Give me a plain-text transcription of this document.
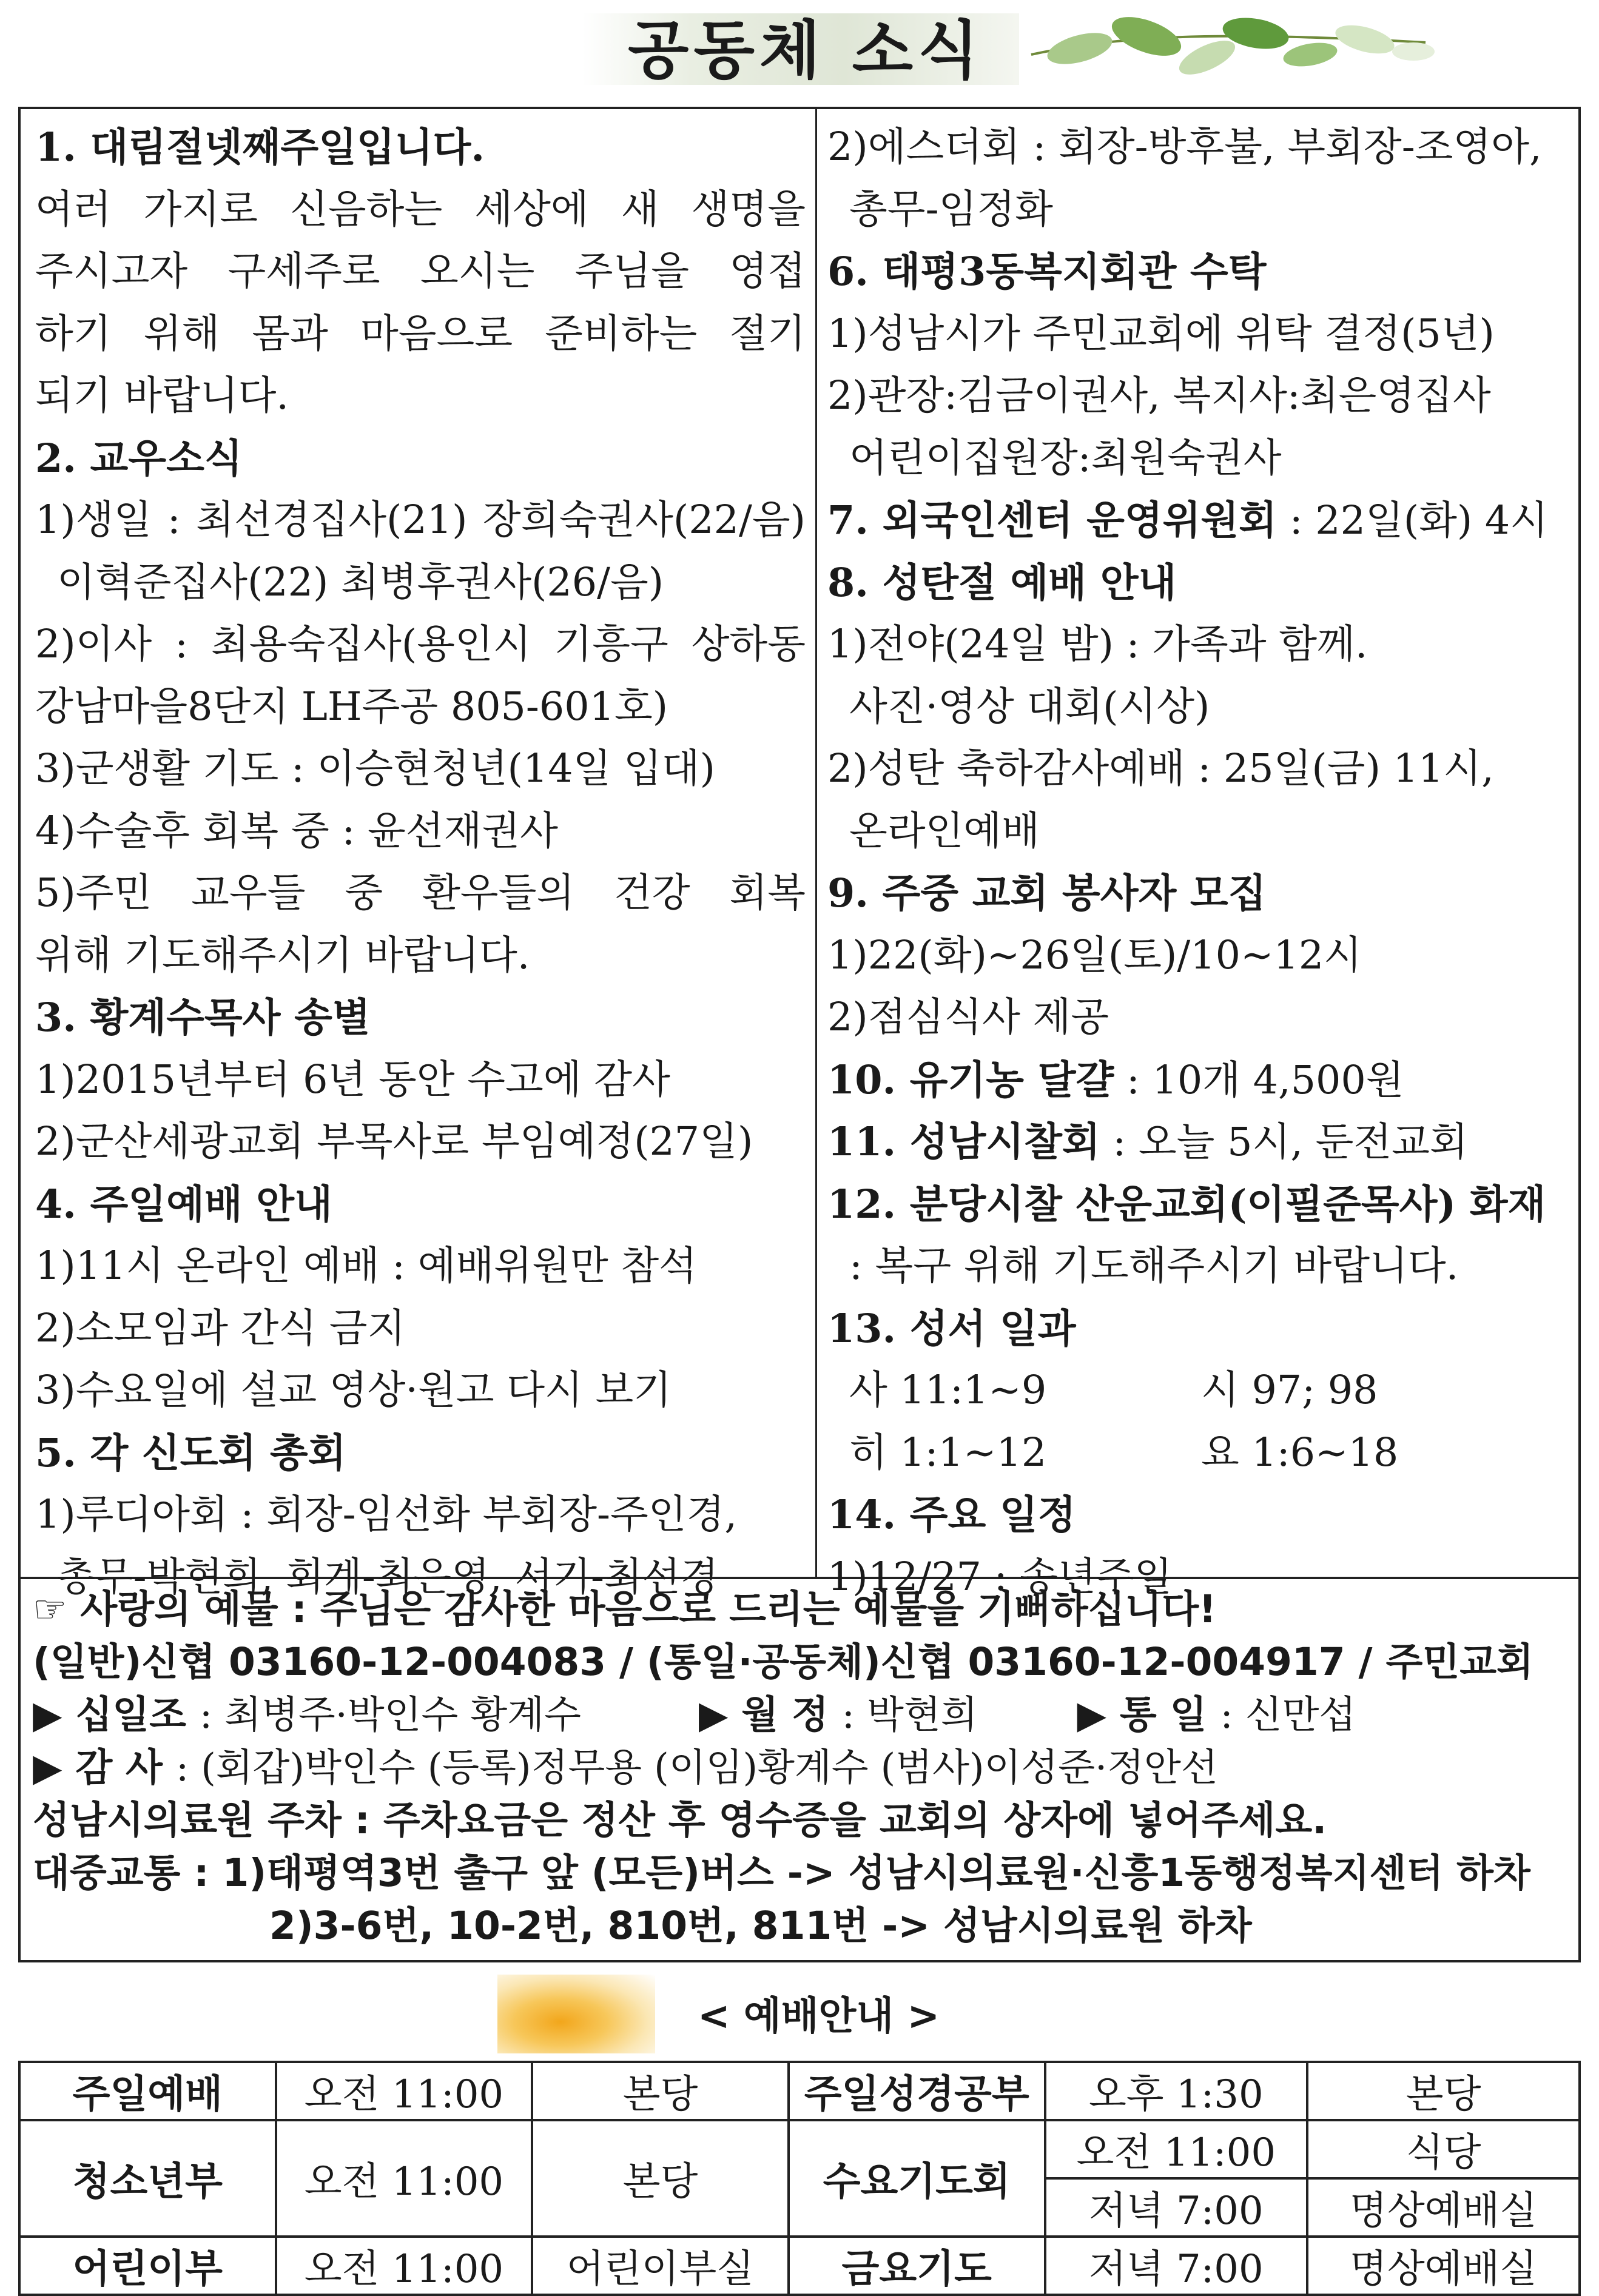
공동체 소식
1. 대림절넷째주일입니다.
여러 가지로 신음하는 세상에 새 생명을
주시고자 구세주로 오시는 주님을 영접
하기 위해 몸과 마음으로 준비하는 절기
되기 바랍니다.
2. 교우소식
1)생일 : 최선경집사(21) 장희숙권사(22/음)
이혁준집사(22) 최병후권사(26/음)
2)이사 : 최용숙집사(용인시 기흥구 상하동
강남마을8단지 LH주공 805-601호)
3)군생활 기도 : 이승현청년(14일 입대)
4)수술후 회복 중 : 윤선재권사
5)주민 교우들 중 환우들의 건강 회복
위해 기도해주시기 바랍니다.
3. 황계수목사 송별
1)2015년부터 6년 동안 수고에 감사
2)군산세광교회 부목사로 부임예정(27일)
4. 주일예배 안내
1)11시 온라인 예배 : 예배위원만 참석
2)소모임과 간식 금지
3)수요일에 설교 영상·원고 다시 보기
5. 각 신도회 총회
1)루디아회 : 회장-임선화 부회장-주인경,
총무-박현희, 회계-최은영, 서기-최선경
2)에스더회 : 회장-방후불, 부회장-조영아,
총무-임정화
6. 태평3동복지회관 수탁
1)성남시가 주민교회에 위탁 결정(5년)
2)관장:김금이권사, 복지사:최은영집사
어린이집원장:최원숙권사
7. 외국인센터 운영위원회 : 22일(화) 4시
8. 성탄절 예배 안내
1)전야(24일 밤) : 가족과 함께.
사진·영상 대회(시상)
2)성탄 축하감사예배 : 25일(금) 11시,
온라인예배
9. 주중 교회 봉사자 모집
1)22(화)~26일(토)/10~12시
2)점심식사 제공
10. 유기농 달걀 : 10개 4,500원
11. 성남시찰회 : 오늘 5시, 둔전교회
12. 분당시찰 산운교회(이필준목사) 화재
: 복구 위해 기도해주시기 바랍니다.
13. 성서 일과
사 11:1~9	시 97; 98
히 1:1~12	요 1:6~18
14. 주요 일정
1)12/27 : 송년주일
☞ 사랑의 예물 : 주님은 감사한 마음으로 드리는 예물을 기뻐하십니다!
(일반)신협 03160-12-004083 / (통일·공동체)신협 03160-12-004917 / 주민교회
▶ 십일조 : 최병주·박인수 황계수	▶ 월 정 : 박현희	▶ 통 일 : 신만섭
▶ 감 사 : (회갑)박인수 (등록)정무용 (이임)황계수 (범사)이성준·정안선
성남시의료원 주차 : 주차요금은 정산 후 영수증을 교회의 상자에 넣어주세요.
대중교통 : 1)태평역3번 출구 앞 (모든)버스 -> 성남시의료원·신흥1동행정복지센터 하차
2)3-6번, 10-2번, 810번, 811번 -> 성남시의료원 하차
< 예배안내 >
주일예배	오전 11:00	본당	주일성경공부	오후 1:30	본당
청소년부	오전 11:00	본당	수요기도회	오전 11:00	식당
				저녁 7:00	명상예배실
어린이부	오전 11:00	어린이부실	금요기도	저녁 7:00	명상예배실
